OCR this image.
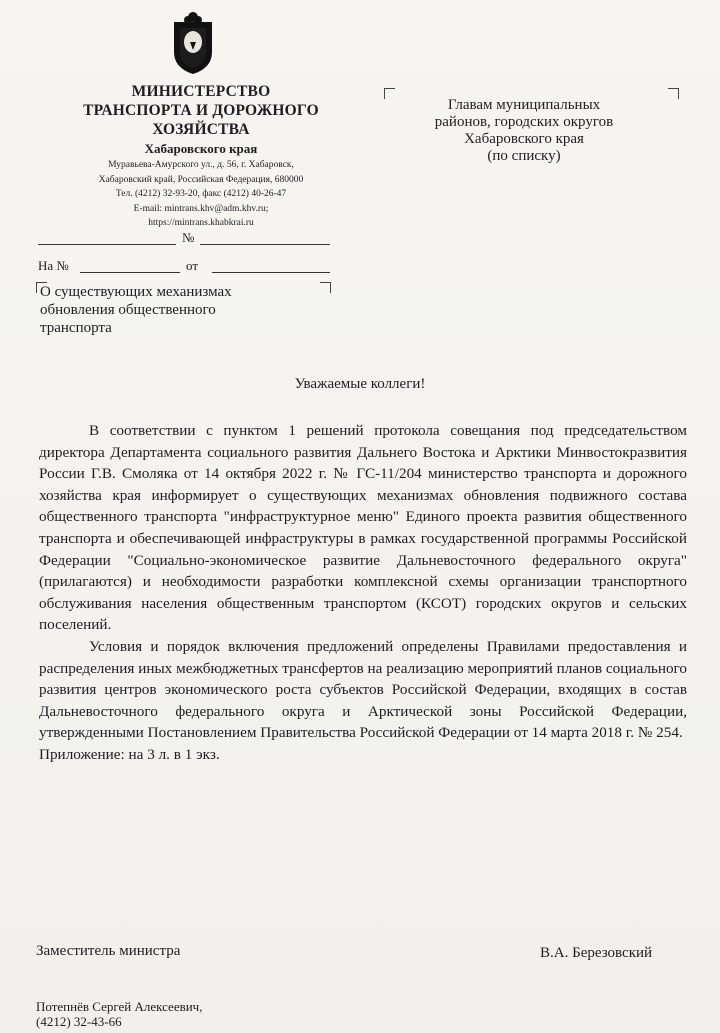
МИНИСТЕРСТВО
ТРАНСПОРТА И ДОРОЖНОГО
ХОЗЯЙСТВА
Хабаровского края
Муравьева-Амурского ул., д. 56, г. Хабаровск,
Хабаровский край, Российская Федерация, 680000
Тел. (4212) 32-93-20, факс (4212) 40-26-47
E-mail: mintrans.khv@adm.khv.ru;
https://mintrans.khabkrai.ru
№
На №	от
Главам муниципальных
районов, городских округов
Хабаровского края
(по списку)
О существующих механизмах
обновления общественного
транспорта
Уважаемые коллеги!

В соответствии с пунктом 1 решений протокола совещания под председательством директора Департамента социального развития Дальнего Востока и Арктики Минвостокразвития России Г.В. Смоляка от 14 октября 2022 г. № ГС-11/204 министерство транспорта и дорожного хозяйства края информирует о существующих механизмах обновления подвижного состава общественного транспорта "инфраструктурное меню" Единого проекта развития общественного транспорта и обеспечивающей инфраструктуры в рамках государственной программы Российской Федерации "Социально-экономическое развитие Дальневосточного федерального округа" (прилагаются) и необходимости разработки комплексной схемы организации транспортного обслуживания населения общественным транспортом (КСОТ) городских округов и сельских поселений.

Условия и порядок включения предложений определены Правилами предоставления и распределения иных межбюджетных трансфертов на реализацию мероприятий планов социального развития центров экономического роста субъектов Российской Федерации, входящих в состав Дальневосточного федерального округа и Арктической зоны Российской Федерации, утвержденными Постановлением Правительства Российской Федерации от 14 марта 2018 г. № 254.

Приложение: на 3 л. в 1 экз.

Заместитель министра	В.А. Березовский
Потепнёв Сергей Алексеевич,
(4212) 32-43-66
